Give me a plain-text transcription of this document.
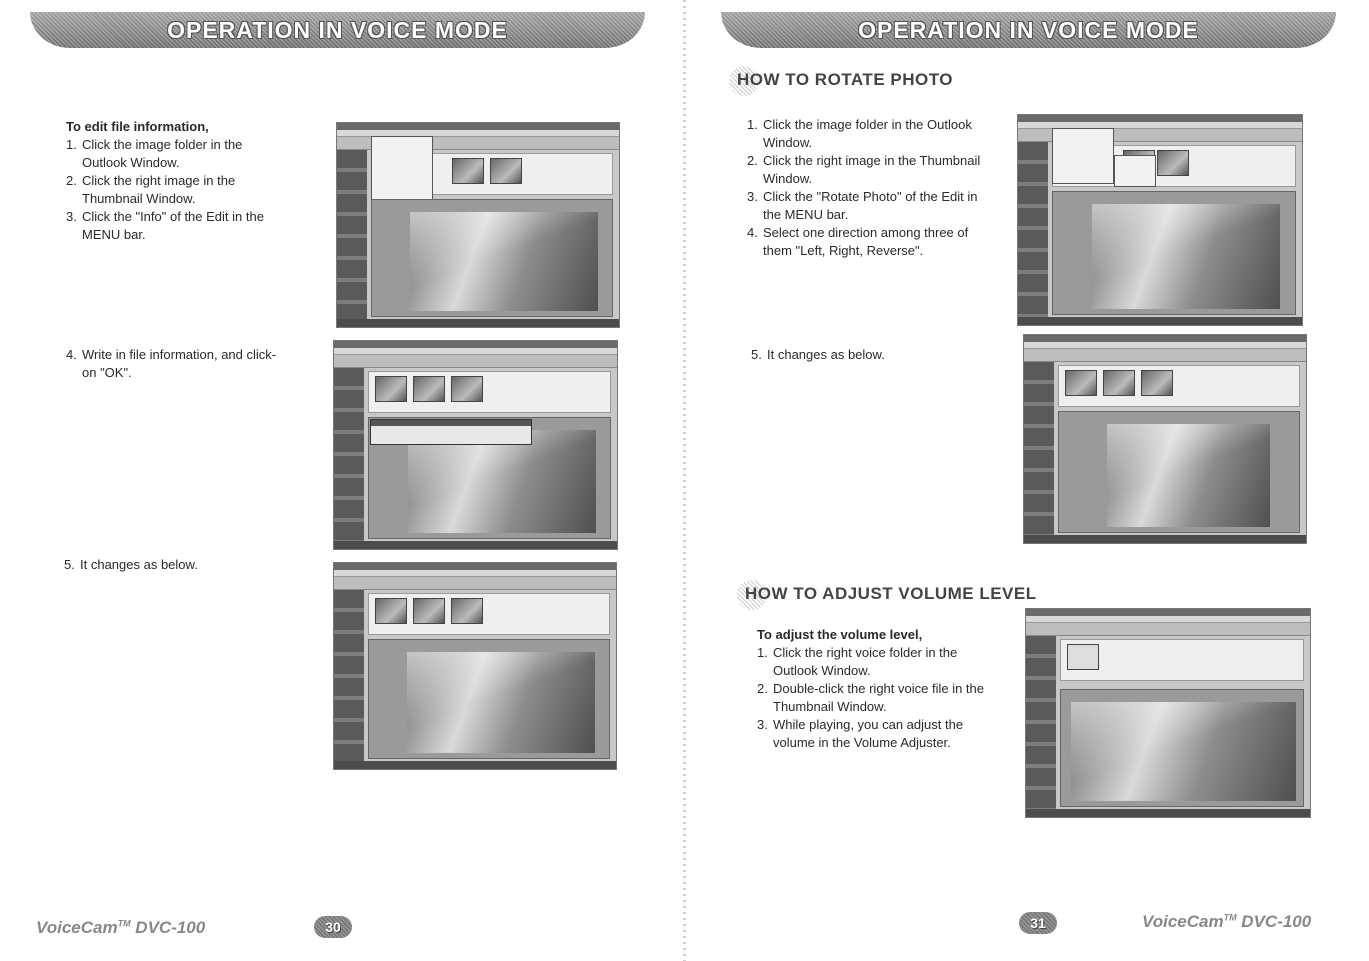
OPERATION IN VOICE MODE
To edit file information,
1. Click the image folder in the Outlook Window.
2. Click the right image in the Thumbnail Window.
3. Click the "Info" of the Edit in the MENU bar.
4. Write in file information, and click-on "OK".
5. It changes as below.
VoiceCam™ DVC-100	30
OPERATION IN VOICE MODE
HOW TO ROTATE PHOTO
1. Click the image folder in the Outlook Window.
2. Click the right image in the Thumbnail Window.
3. Click the "Rotate Photo" of the Edit in the MENU bar.
4. Select one direction among three of them "Left, Right, Reverse".
5. It changes as below.
HOW TO ADJUST VOLUME LEVEL
To adjust the volume level,
1. Click the right voice folder in the Outlook Window.
2. Double-click the right voice file in the Thumbnail Window.
3. While playing, you can adjust the volume in the Volume Adjuster.
31	VoiceCam™ DVC-100
